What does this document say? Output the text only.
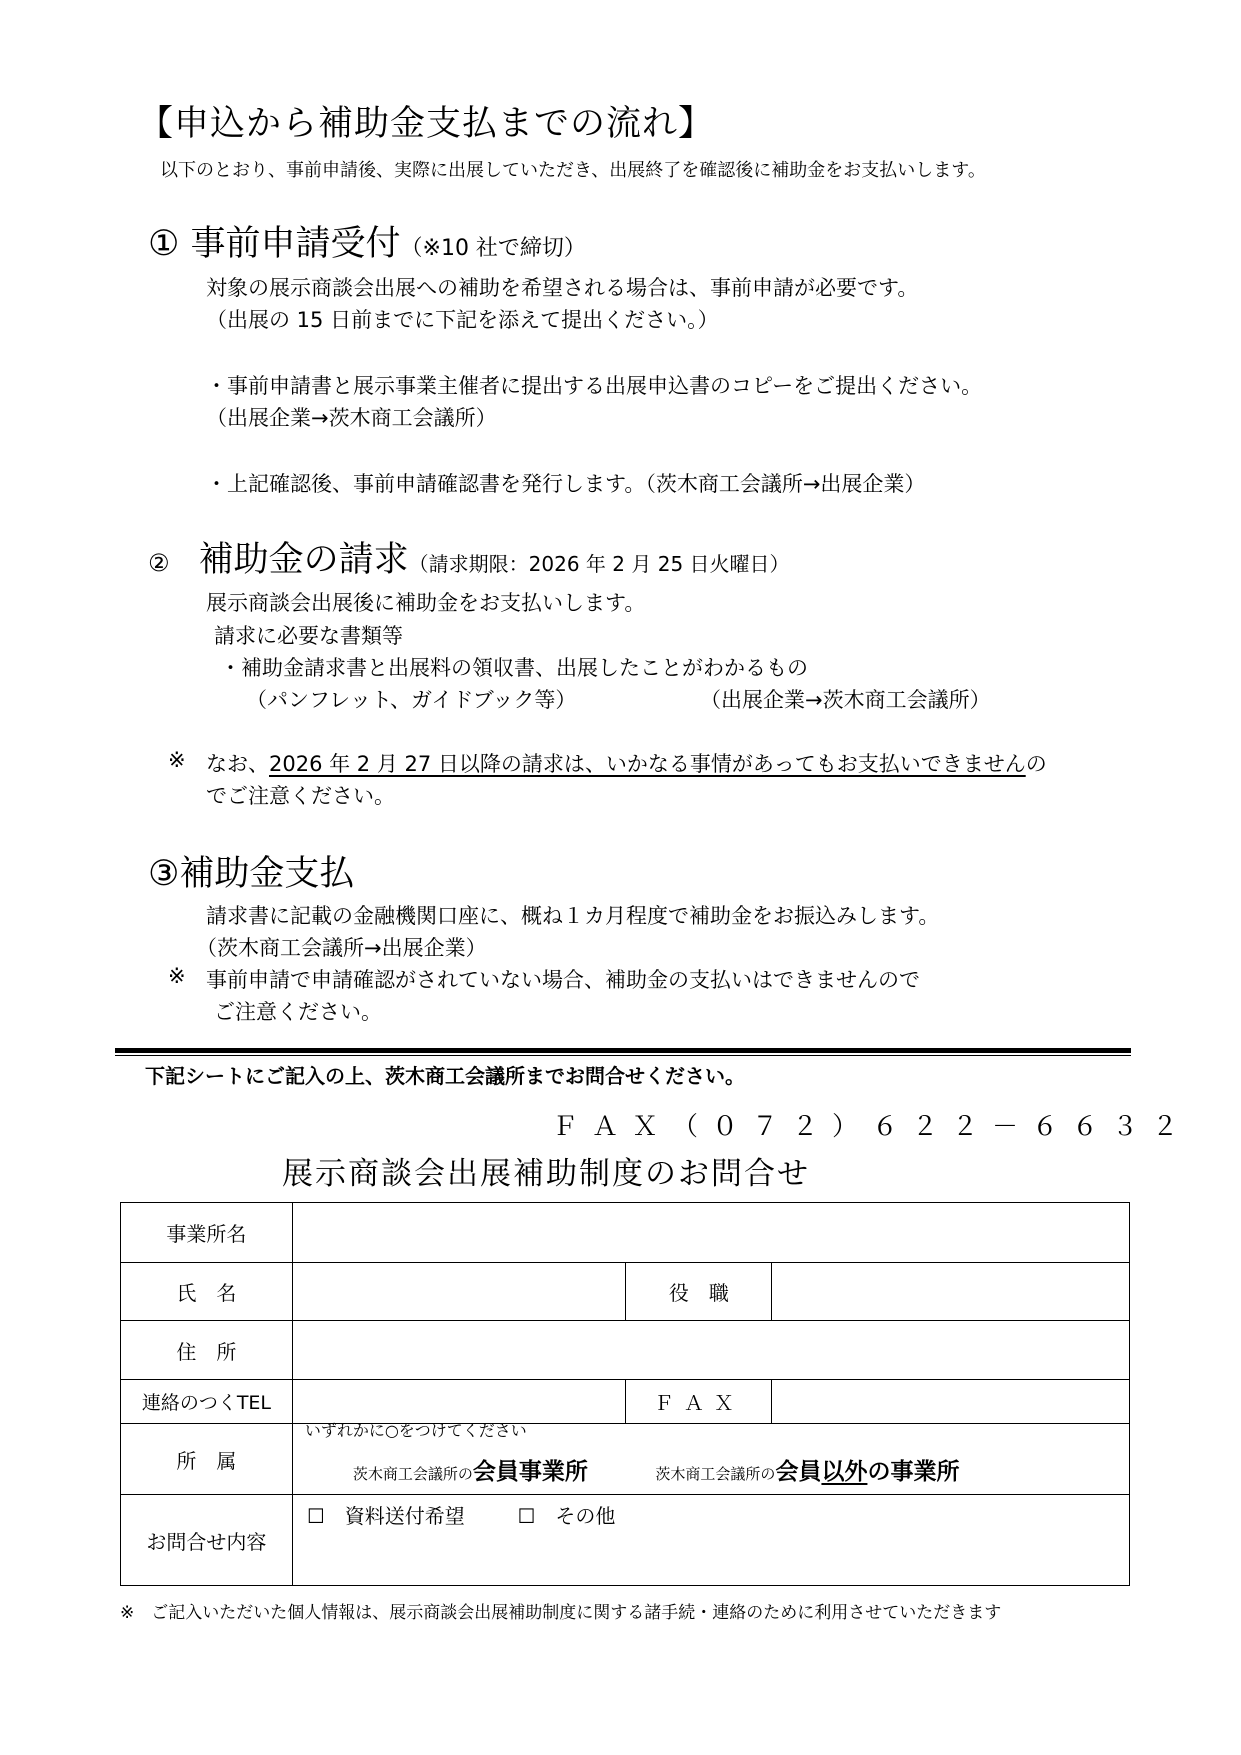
【申込から補助金支払までの流れ】
以下のとおり、事前申請後、実際に出展していただき、出展終了を確認後に補助金をお支払いします。
① 事前申請受付（※10 社で締切）
対象の展示商談会出展への補助を希望される場合は、事前申請が必要です。
（出展の 15 日前までに下記を添えて提出ください。）
・事前申請書と展示事業主催者に提出する出展申込書のコピーをご提出ください。
（出展企業→茨木商工会議所）
・上記確認後、事前申請確認書を発行します。（茨木商工会議所→出展企業）
② 補助金の請求（請求期限：2026 年 2 月 25 日火曜日）
展示商談会出展後に補助金をお支払いします。
請求に必要な書類等
・補助金請求書と出展料の領収書、出展したことがわかるもの
（パンフレット、ガイドブック等）	（出展企業→茨木商工会議所）
※ なお、2026 年 2 月 27 日以降の請求は、いかなる事情があってもお支払いできませんの
でご注意ください。
③補助金支払
請求書に記載の金融機関口座に、概ね１カ月程度で補助金をお振込みします。
（茨木商工会議所→出展企業）
※ 事前申請で申請確認がされていない場合、補助金の支払いはできませんので
ご注意ください。
下記シートにご記入の上、茨木商工会議所までお問合せください。
ＦＡＸ（０７２）６２２－６６３２
展示商談会出展補助制度のお問合せ
事業所名			
氏　名		役　職	
住　所			
連絡のつくTEL		ＦＡＸ	
所　属	いずれかに○をつけてください
茨木商工会議所の会員事業所 茨木商工会議所の会員以外の事業所		

お問合せ内容	☐　資料送付希望 ☐　その他		
※　ご記入いただいた個人情報は、展示商談会出展補助制度に関する諸手続・連絡のために利用させていただきます
